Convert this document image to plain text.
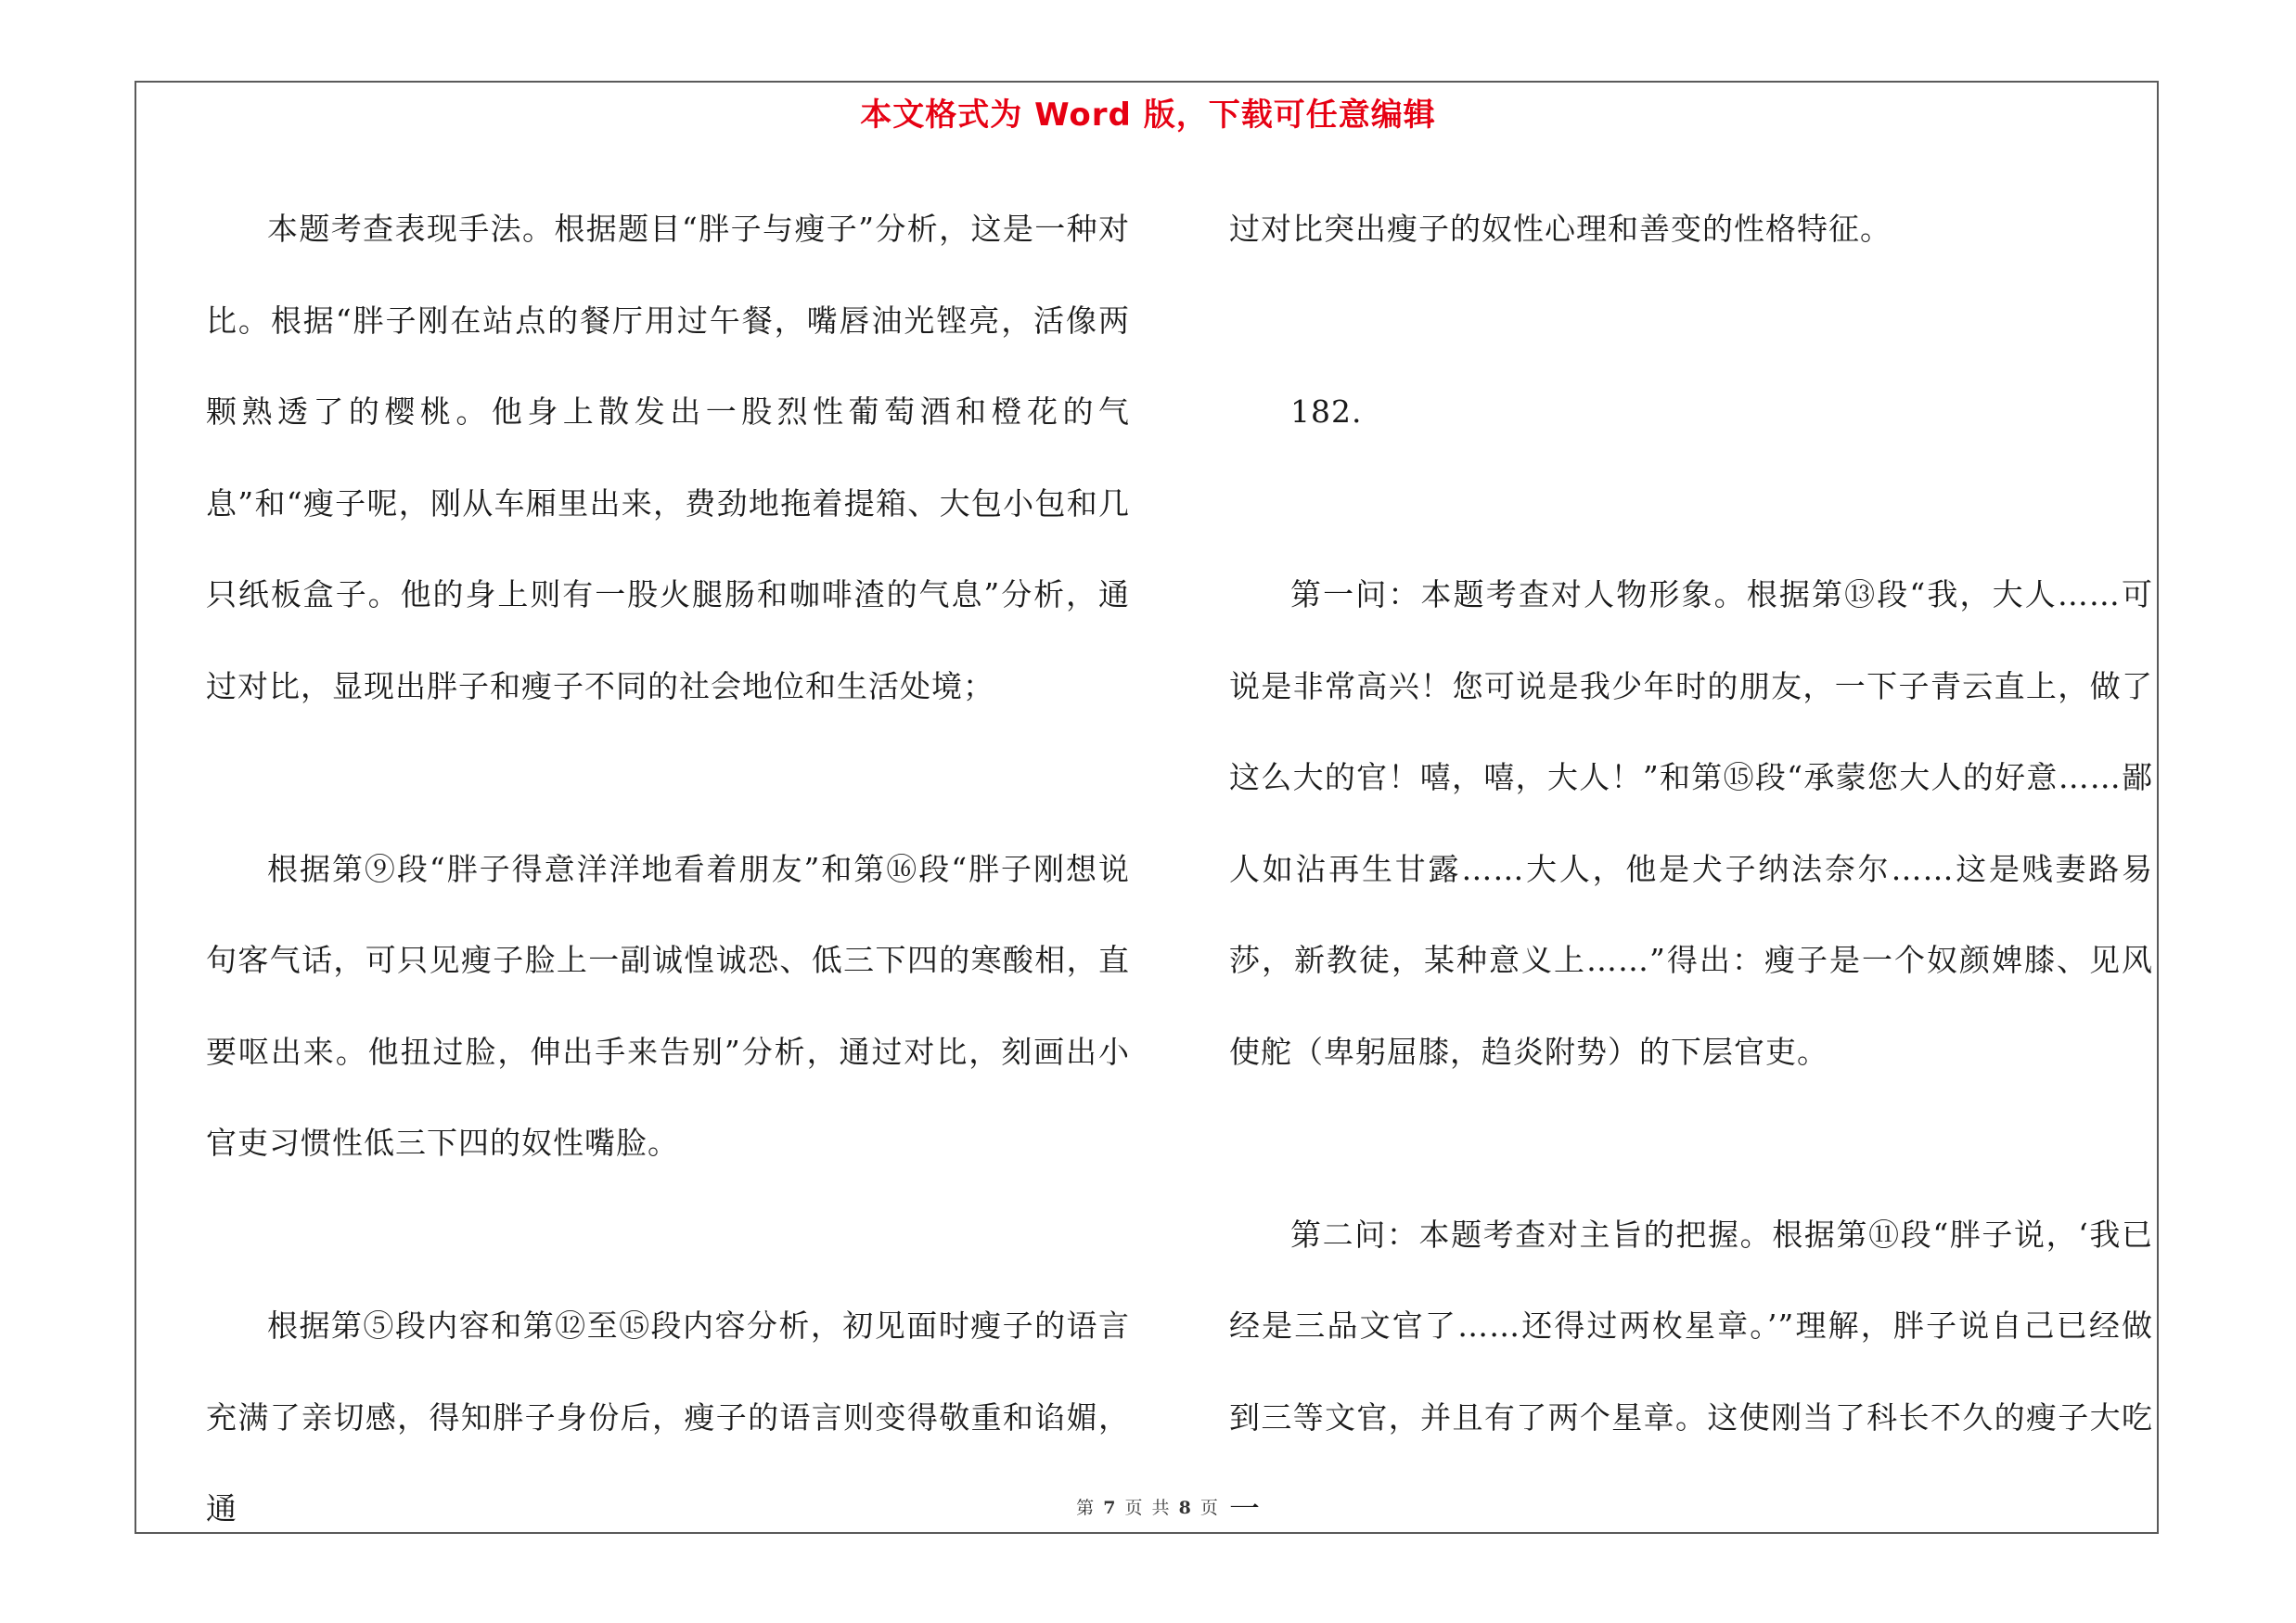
本文格式为 Word 版，下载可任意编辑

本题考查表现手法。根据题目“胖子与瘦子”分析，这是一种对比。根据“胖子刚在站点的餐厅用过午餐，嘴唇油光铿亮，活像两颗熟透了的樱桃。他身上散发出一股烈性葡萄酒和橙花的气息”和“瘦子呢，刚从车厢里出来，费劲地拖着提箱、大包小包和几只纸板盒子。他的身上则有一股火腿肠和咖啡渣的气息”分析，通过对比，显现出胖子和瘦子不同的社会地位和生活处境；

根据第⑨段“胖子得意洋洋地看着朋友”和第⑯段“胖子刚想说句客气话，可只见瘦子脸上一副诚惶诚恐、低三下四的寒酸相，直要呕出来。他扭过脸，伸出手来告别”分析，通过对比，刻画出小官吏习惯性低三下四的奴性嘴脸。

根据第⑤段内容和第⑫至⑮段内容分析，初见面时瘦子的语言充满了亲切感，得知胖子身份后，瘦子的语言则变得敬重和谄媚，通

过对比突出瘦子的奴性心理和善变的性格特征。

182.

第一问：本题考查对人物形象。根据第⑬段“我，大人……可说是非常高兴！您可说是我少年时的朋友，一下子青云直上，做了这么大的官！嘻，嘻，大人！”和第⑮段“承蒙您大人的好意……鄙人如沾再生甘露……大人，他是犬子纳法奈尔……这是贱妻路易莎，新教徒，某种意义上……”得出：瘦子是一个奴颜婢膝、见风使舵（卑躬屈膝，趋炎附势）的下层官吏。

第二问：本题考查对主旨的把握。根据第⑪段“胖子说，‘我已经是三品文官了……还得过两枚星章。’”理解，胖子说自己已经做到三等文官，并且有了两个星章。这使刚当了科长不久的瘦子大吃一

第 7 页 共 8 页
